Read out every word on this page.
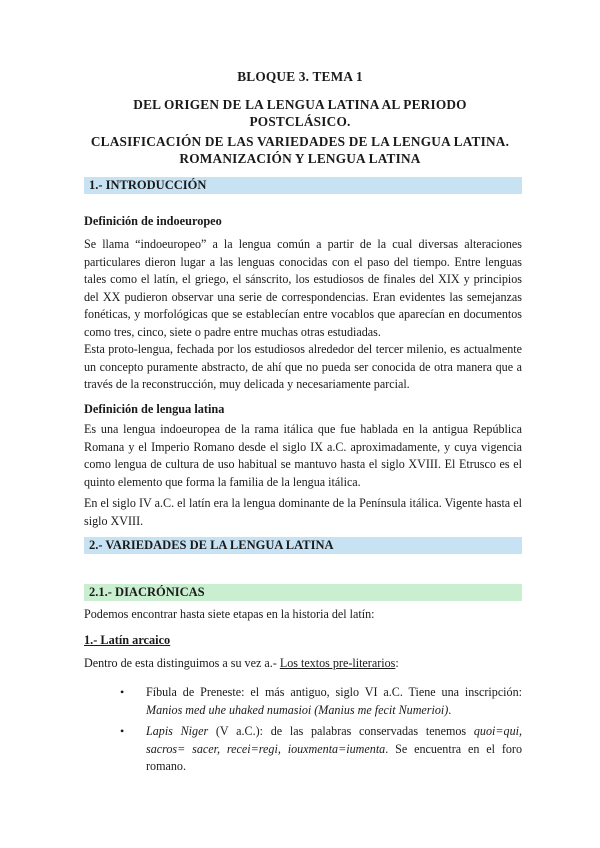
BLOQUE 3. TEMA 1
DEL ORIGEN DE LA LENGUA LATINA AL PERIODO
POSTCLÁSICO.
CLASIFICACIÓN DE LAS VARIEDADES DE LA LENGUA LATINA.
ROMANIZACIÓN Y LENGUA LATINA
1.- INTRODUCCIÓN
Definición de indoeuropeo

Se llama “indoeuropeo” a la lengua común a partir de la cual diversas alteraciones particulares dieron lugar a las lenguas conocidas con el paso del tiempo. Entre lenguas tales como el latín, el griego, el sánscrito, los estudiosos de finales del XIX y principios del XX pudieron observar una serie de correspondencias. Eran evidentes las semejanzas fonéticas, y morfológicas que se establecían entre vocablos que aparecían en documentos como tres, cinco, siete o padre entre muchas otras estudiadas.

Esta proto-lengua, fechada por los estudiosos alrededor del tercer milenio, es actualmente un concepto puramente abstracto, de ahí que no pueda ser conocida de otra manera que a través de la reconstrucción, muy delicada y necesariamente parcial.

Definición de lengua latina

Es una lengua indoeuropea de la rama itálica que fue hablada en la antigua República Romana y el Imperio Romano desde el siglo IX a.C. aproximadamente, y cuya vigencia como lengua de cultura de uso habitual se mantuvo hasta el siglo XVIII. El Etrusco es el quinto elemento que forma la familia de la lengua itálica.

En el siglo IV a.C. el latín era la lengua dominante de la Península itálica. Vigente hasta el siglo XVIII.

2.- VARIEDADES DE LA LENGUA LATINA
2.1.- DIACRÓNICAS

Podemos encontrar hasta siete etapas en la historia del latín:

1.- Latín arcaico

Dentro de esta distinguimos a su vez a.- Los textos pre-literarios:

• Fíbula de Preneste: el más antiguo, siglo VI a.C. Tiene una inscripción: Manios med uhe uhaked numasioi (Manius me fecit Numerioi).

• Lapis Niger (V a.C.): de las palabras conservadas tenemos quoi=qui, sacros= sacer, recei=regi, iouxmenta=iumenta. Se encuentra en el foro romano.
